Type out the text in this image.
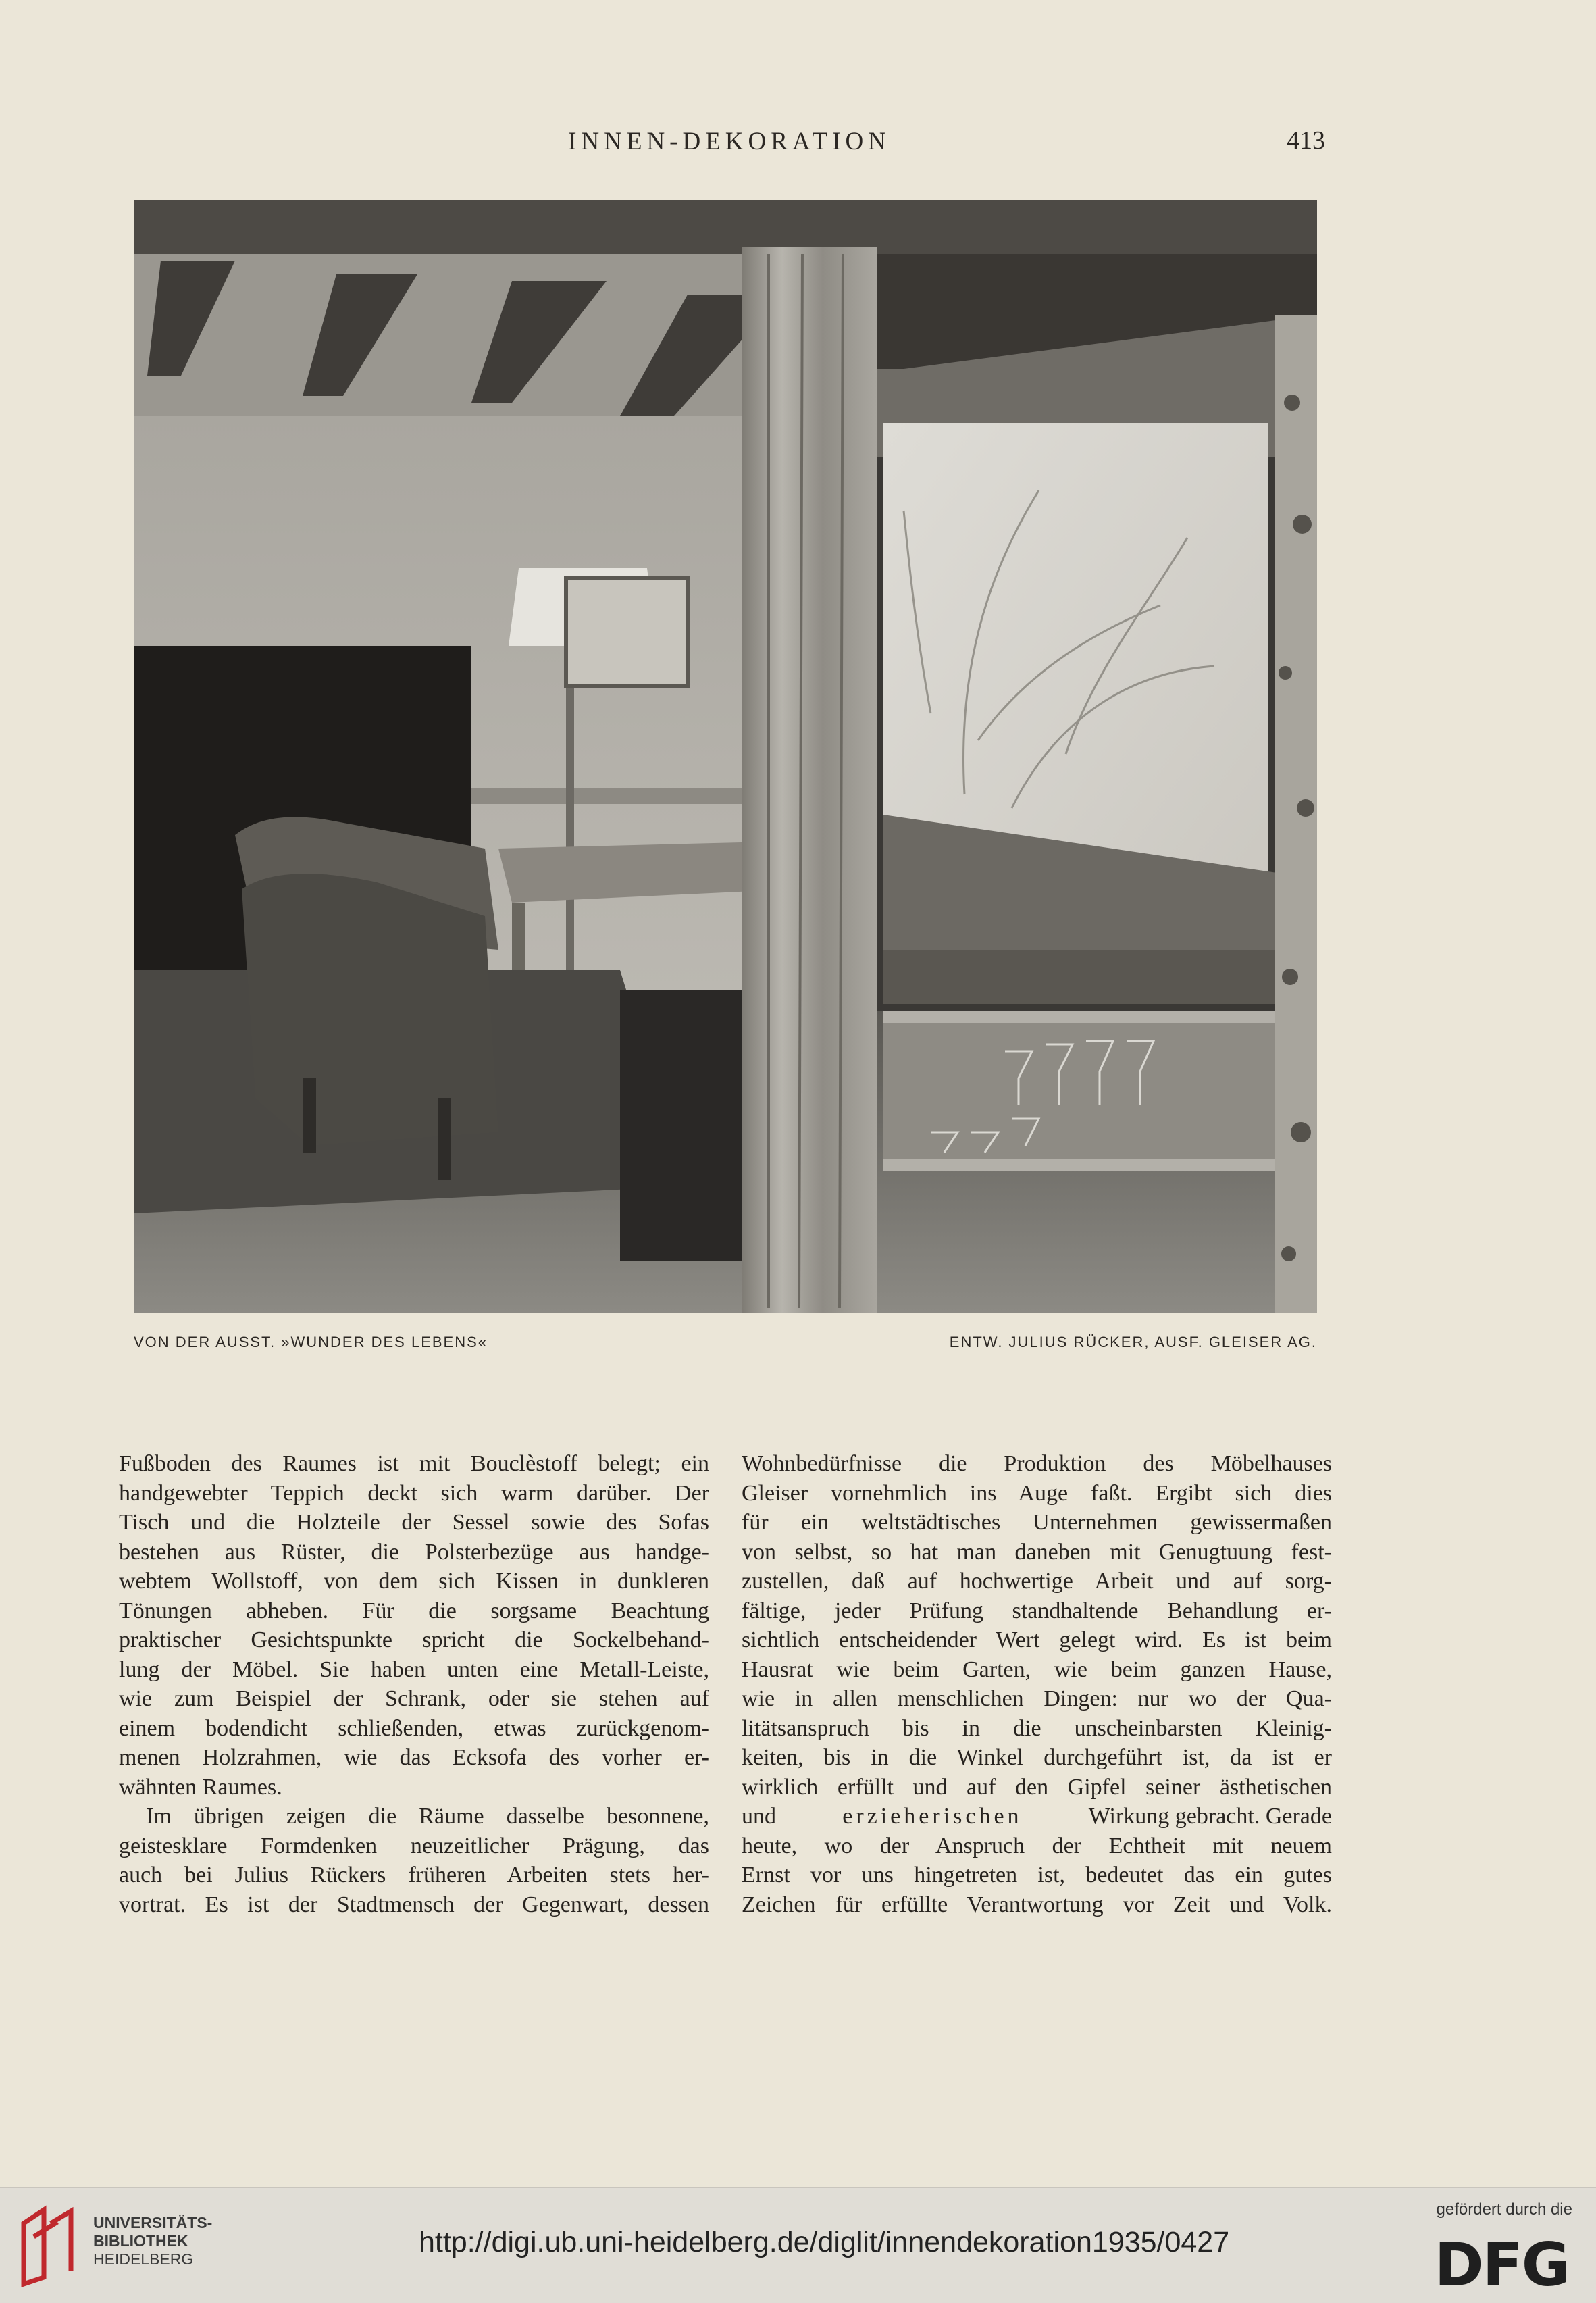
INNEN-DEKORATION	413
VON DER AUSST. »WUNDER DES LEBENS«	ENTW. JULIUS RÜCKER, AUSF. GLEISER AG.
Fußboden des Raumes ist mit Bouclèstoff belegt; ein
handgewebter Teppich deckt sich warm darüber. Der
Tisch und die Holzteile der Sessel sowie des Sofas
bestehen aus Rüster, die Polsterbezüge aus handge-
webtem Wollstoff, von dem sich Kissen in dunkleren
Tönungen abheben. Für die sorgsame Beachtung
praktischer Gesichtspunkte spricht die Sockelbehand-
lung der Möbel. Sie haben unten eine Metall-Leiste,
wie zum Beispiel der Schrank, oder sie stehen auf
einem bodendicht schließenden, etwas zurückgenom-
menen Holzrahmen, wie das Ecksofa des vorher er-
wähnten Raumes.
Im übrigen zeigen die Räume dasselbe besonnene,
geistesklare Formdenken neuzeitlicher Prägung, das
auch bei Julius Rückers früheren Arbeiten stets her-
vortrat. Es ist der Stadtmensch der Gegenwart, dessen
Wohnbedürfnisse die Produktion des Möbelhauses
Gleiser vornehmlich ins Auge faßt. Ergibt sich dies
für ein weltstädtisches Unternehmen gewissermaßen
von selbst, so hat man daneben mit Genugtuung fest-
zustellen, daß auf hochwertige Arbeit und auf sorg-
fältige, jeder Prüfung standhaltende Behandlung er-
sichtlich entscheidender Wert gelegt wird. Es ist beim
Hausrat wie beim Garten, wie beim ganzen Hause,
wie in allen menschlichen Dingen: nur wo der Qua-
litätsanspruch bis in die unscheinbarsten Kleinig-
keiten, bis in die Winkel durchgeführt ist, da ist er
wirklich erfüllt und auf den Gipfel seiner ästhetischen
und	erzieherischen	Wirkung gebracht. Gerade
heute, wo der Anspruch der Echtheit mit neuem
Ernst vor uns hingetreten ist, bedeutet das ein gutes
Zeichen für erfüllte Verantwortung vor Zeit und Volk.
UNIVERSITÄTS-
BIBLIOTHEK
HEIDELBERG
http://digi.ub.uni-heidelberg.de/diglit/innendekoration1935/0427
gefördert durch die
DFG
